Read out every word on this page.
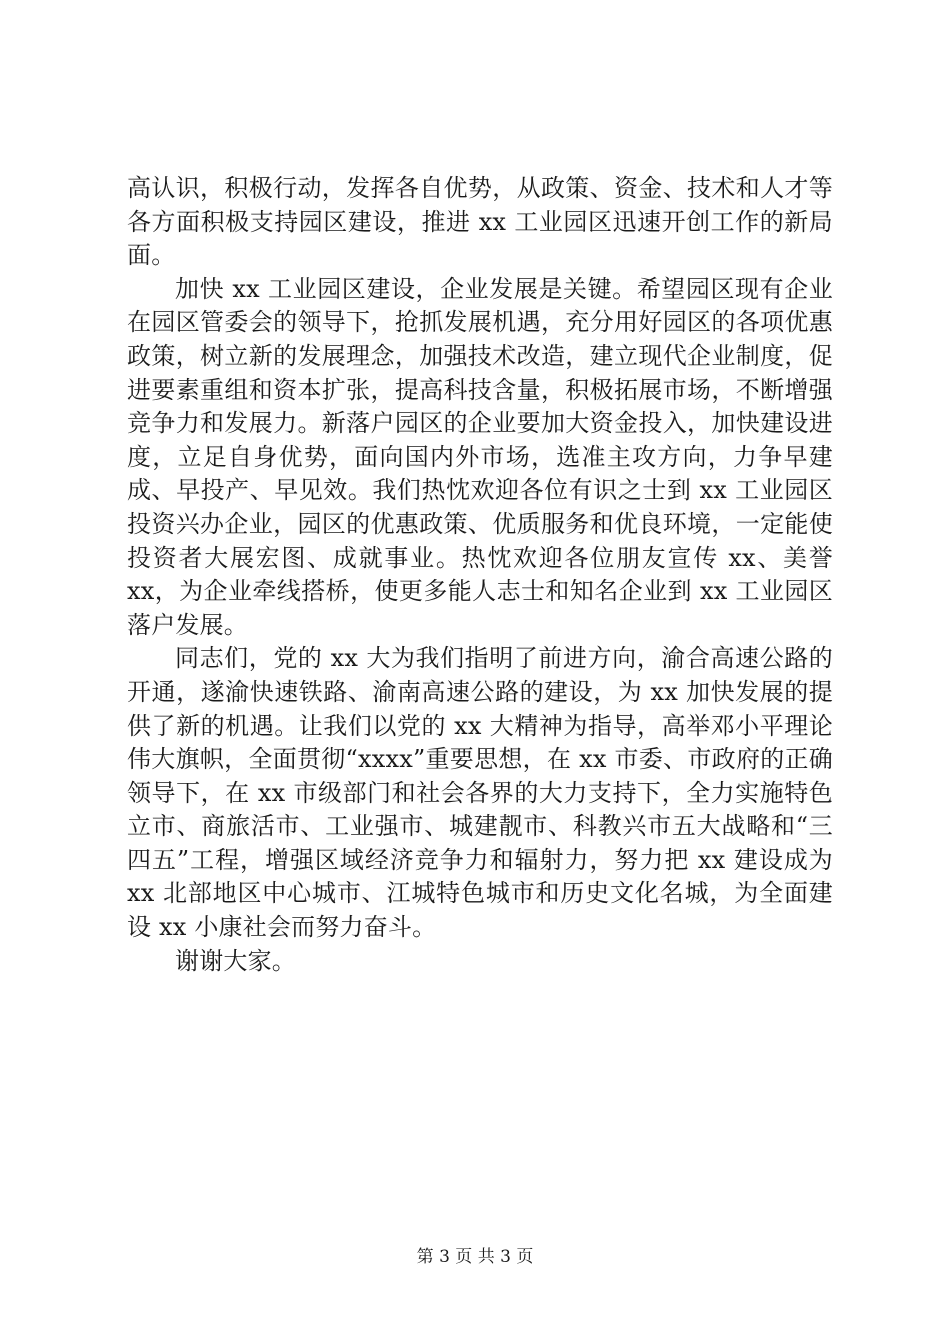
高认识，积极行动，发挥各自优势，从政策、资金、技术和人才等各方面积极支持园区建设，推进 xx 工业园区迅速开创工作的新局面。

加快 xx 工业园区建设，企业发展是关键。希望园区现有企业在园区管委会的领导下，抢抓发展机遇，充分用好园区的各项优惠政策，树立新的发展理念，加强技术改造，建立现代企业制度，促进要素重组和资本扩张，提高科技含量，积极拓展市场，不断增强竞争力和发展力。新落户园区的企业要加大资金投入，加快建设进度，立足自身优势，面向国内外市场，选准主攻方向，力争早建成、早投产、早见效。我们热忱欢迎各位有识之士到 xx 工业园区投资兴办企业，园区的优惠政策、优质服务和优良环境，一定能使投资者大展宏图、成就事业。热忱欢迎各位朋友宣传 xx、美誉 xx，为企业牵线搭桥，使更多能人志士和知名企业到 xx 工业园区落户发展。

同志们，党的 xx 大为我们指明了前进方向，渝合高速公路的开通，遂渝快速铁路、渝南高速公路的建设，为 xx 加快发展的提供了新的机遇。让我们以党的 xx 大精神为指导，高举邓小平理论伟大旗帜，全面贯彻“xxxx”重要思想，在 xx 市委、市政府的正确领导下，在 xx 市级部门和社会各界的大力支持下，全力实施特色立市、商旅活市、工业强市、城建靓市、科教兴市五大战略和“三四五”工程，增强区域经济竞争力和辐射力，努力把 xx 建设成为 xx 北部地区中心城市、江城特色城市和历史文化名城，为全面建设 xx 小康社会而努力奋斗。

谢谢大家。

第 3 页 共 3 页
